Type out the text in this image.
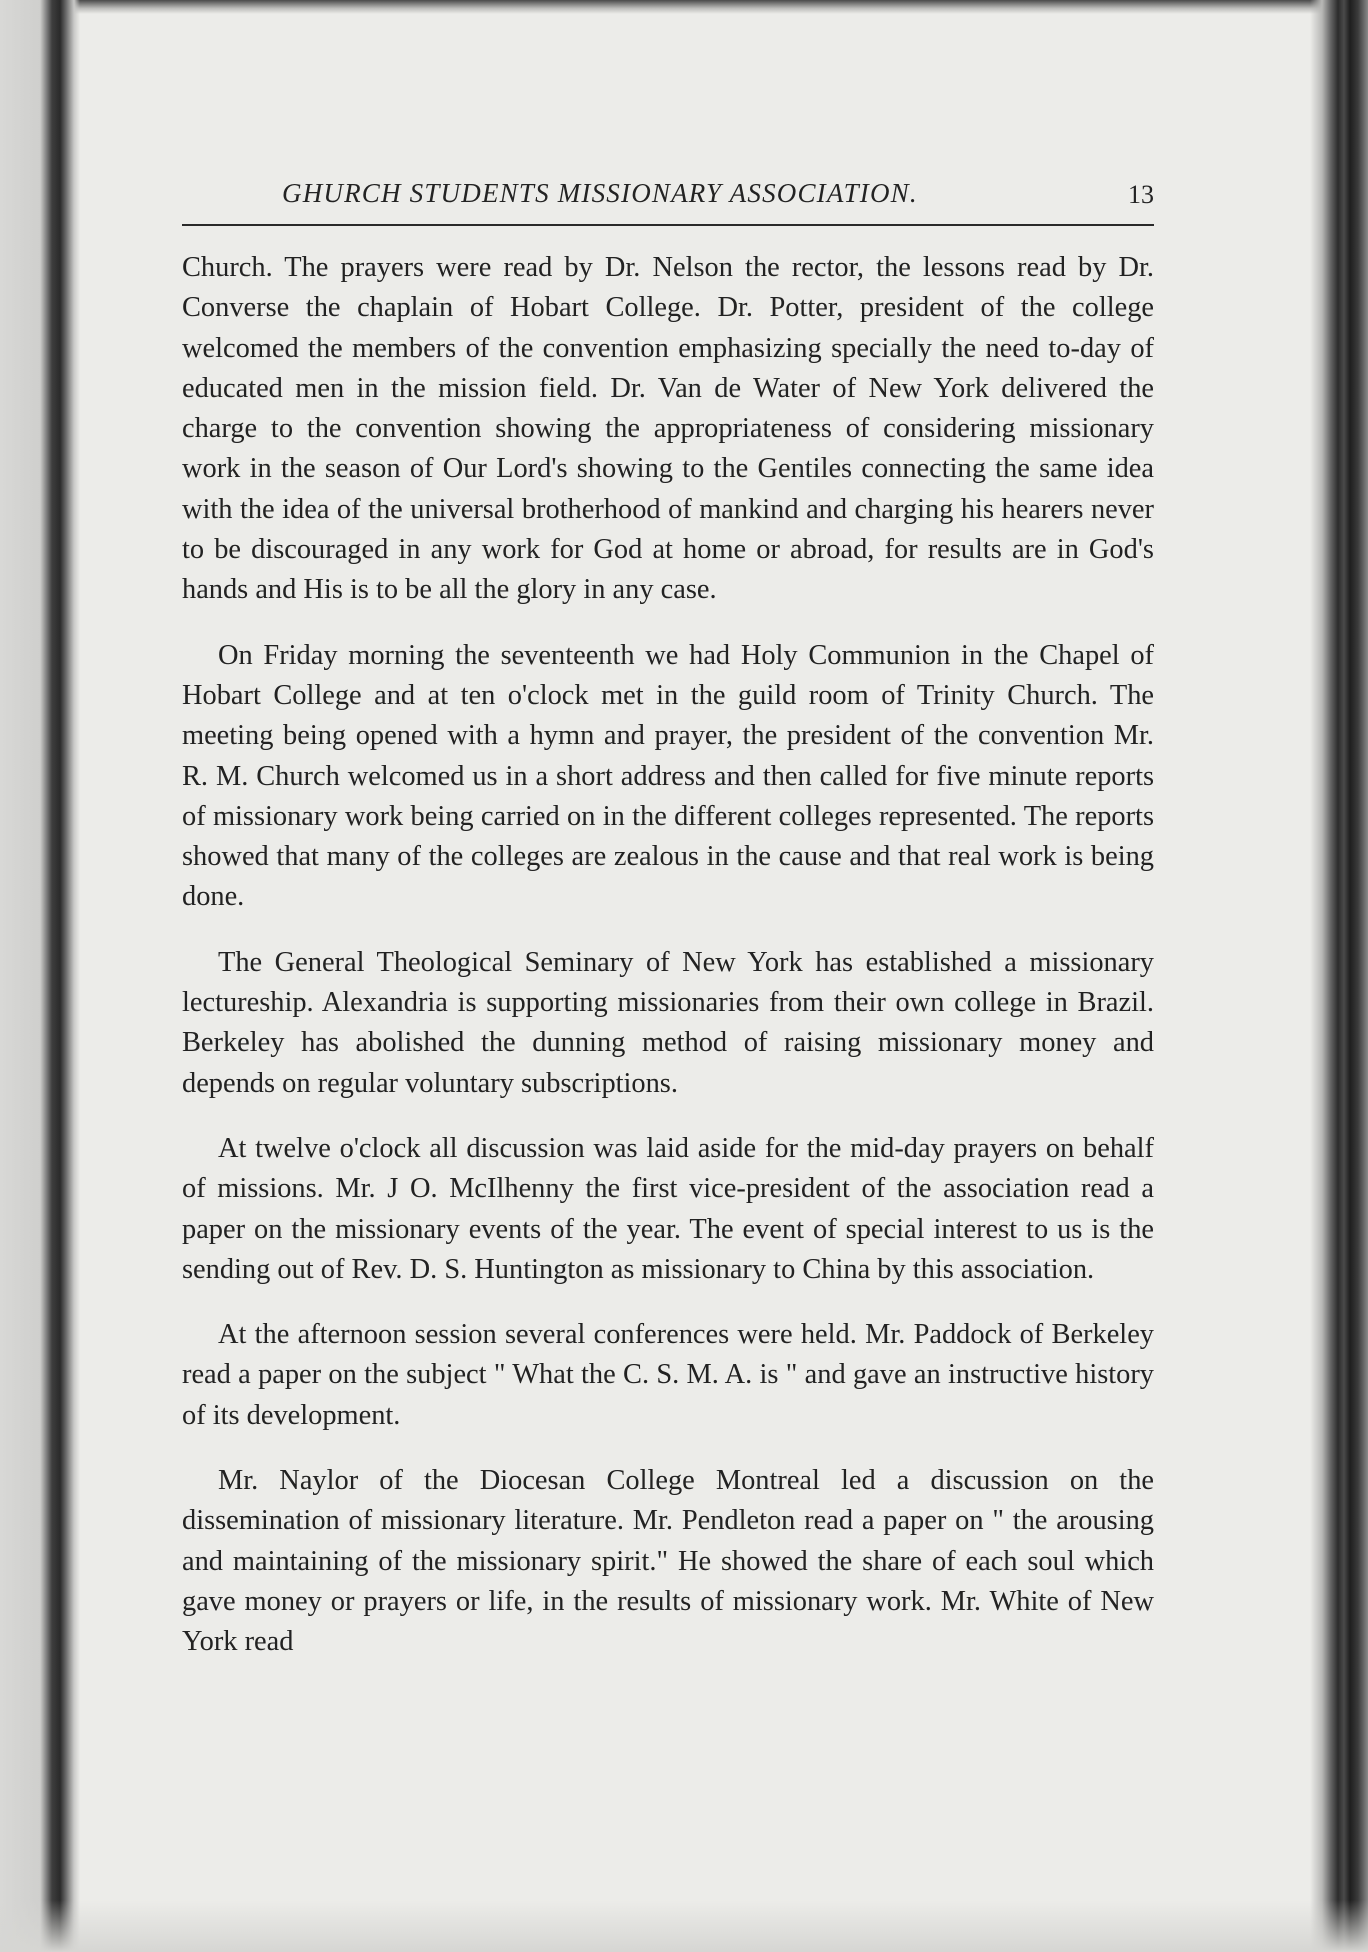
GHURCH STUDENTS MISSIONARY ASSOCIATION.	13

Church. The prayers were read by Dr. Nelson the rector, the lessons read by Dr. Converse the chaplain of Hobart College. Dr. Potter, president of the college welcomed the members of the convention emphasizing specially the need to-day of educated men in the mission field. Dr. Van de Water of New York delivered the charge to the convention showing the appropriateness of considering missionary work in the season of Our Lord's showing to the Gentiles connecting the same idea with the idea of the universal brotherhood of mankind and charging his hearers never to be discouraged in any work for God at home or abroad, for results are in God's hands and His is to be all the glory in any case.

On Friday morning the seventeenth we had Holy Communion in the Chapel of Hobart College and at ten o'clock met in the guild room of Trinity Church. The meeting being opened with a hymn and prayer, the president of the convention Mr. R. M. Church welcomed us in a short address and then called for five minute reports of missionary work being carried on in the different colleges represented. The reports showed that many of the colleges are zealous in the cause and that real work is being done.

The General Theological Seminary of New York has established a missionary lectureship. Alexandria is supporting missionaries from their own college in Brazil. Berkeley has abolished the dunning method of raising missionary money and depends on regular voluntary subscriptions.

At twelve o'clock all discussion was laid aside for the mid-day prayers on behalf of missions. Mr. J O. McIlhenny the first vice-president of the association read a paper on the missionary events of the year. The event of special interest to us is the sending out of Rev. D. S. Huntington as missionary to China by this association.

At the afternoon session several conferences were held. Mr. Paddock of Berkeley read a paper on the subject " What the C. S. M. A. is " and gave an instructive history of its development.

Mr. Naylor of the Diocesan College Montreal led a discussion on the dissemination of missionary literature. Mr. Pendleton read a paper on " the arousing and maintaining of the missionary spirit." He showed the share of each soul which gave money or prayers or life, in the results of missionary work. Mr. White of New York read
